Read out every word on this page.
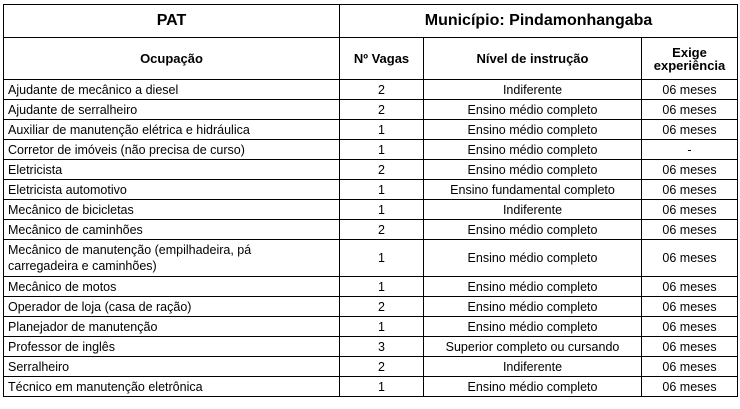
PAT	Município: Pindamonhangaba		
Ocupação	Nº Vagas	Nível de instrução	Exige
experiência
Ajudante de mecânico a diesel	2	Indiferente	06 meses
Ajudante de serralheiro	2	Ensino médio completo	06 meses
Auxiliar de manutenção elétrica e hidráulica	1	Ensino médio completo	06 meses
Corretor de imóveis (não precisa de curso)	1	Ensino médio completo	-
Eletricista	2	Ensino médio completo	06 meses
Eletricista automotivo	1	Ensino fundamental completo	06 meses
Mecânico de bicicletas	1	Indiferente	06 meses
Mecânico de caminhões	2	Ensino médio completo	06 meses
Mecânico de manutenção (empilhadeira, pá
carregadeira e caminhões)	1	Ensino médio completo	06 meses
Mecânico de motos	1	Ensino médio completo	06 meses
Operador de loja (casa de ração)	2	Ensino médio completo	06 meses
Planejador de manutenção	1	Ensino médio completo	06 meses
Professor de inglês	3	Superior completo ou cursando	06 meses
Serralheiro	2	Indiferente	06 meses
Técnico em manutenção eletrônica	1	Ensino médio completo	06 meses
